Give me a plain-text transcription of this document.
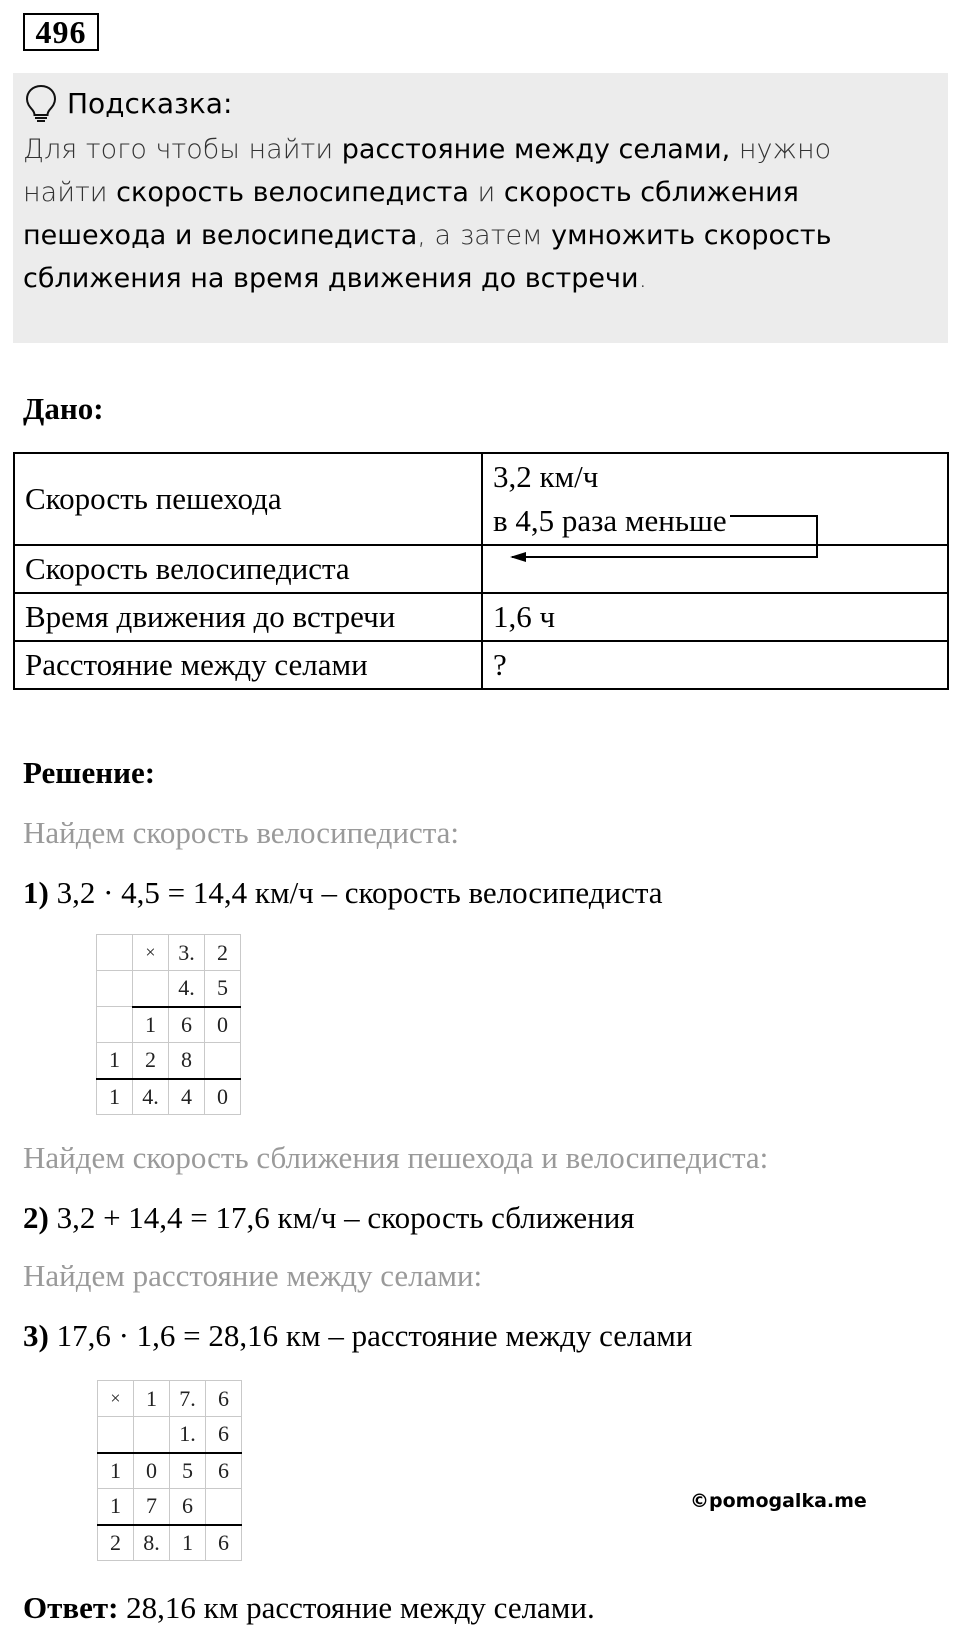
496
Подсказка:
Для того чтобы найти расстояние между селами, нужно найти скорость велосипедиста и скорость сближения пешехода и велосипедиста, а затем умножить скорость сближения на время движения до встречи.
Дано:
Скорость пешехода	3,2 км/ч
в 4,5 раза меньше

Скорость велосипедиста	
Время движения до встречи	1,6 ч
Расстояние между селами	?
Решение:
Найдем скорость велосипедиста:
1) 3,2 · 4,5 = 14,4 км/ч – скорость велосипедиста
	×	3.	2
		4.	5
	1	6	0
1	2	8	
1	4.	4	0
Найдем скорость сближения пешехода и велосипедиста:
2) 3,2 + 14,4 = 17,6 км/ч – скорость сближения
Найдем расстояние между селами:
3) 17,6 · 1,6 = 28,16 км – расстояние между селами
×	1	7.	6
		1.	6
1	0	5	6
1	7	6	
2	8.	1	6
©pomogalka.me
Ответ: 28,16 км расстояние между селами.
